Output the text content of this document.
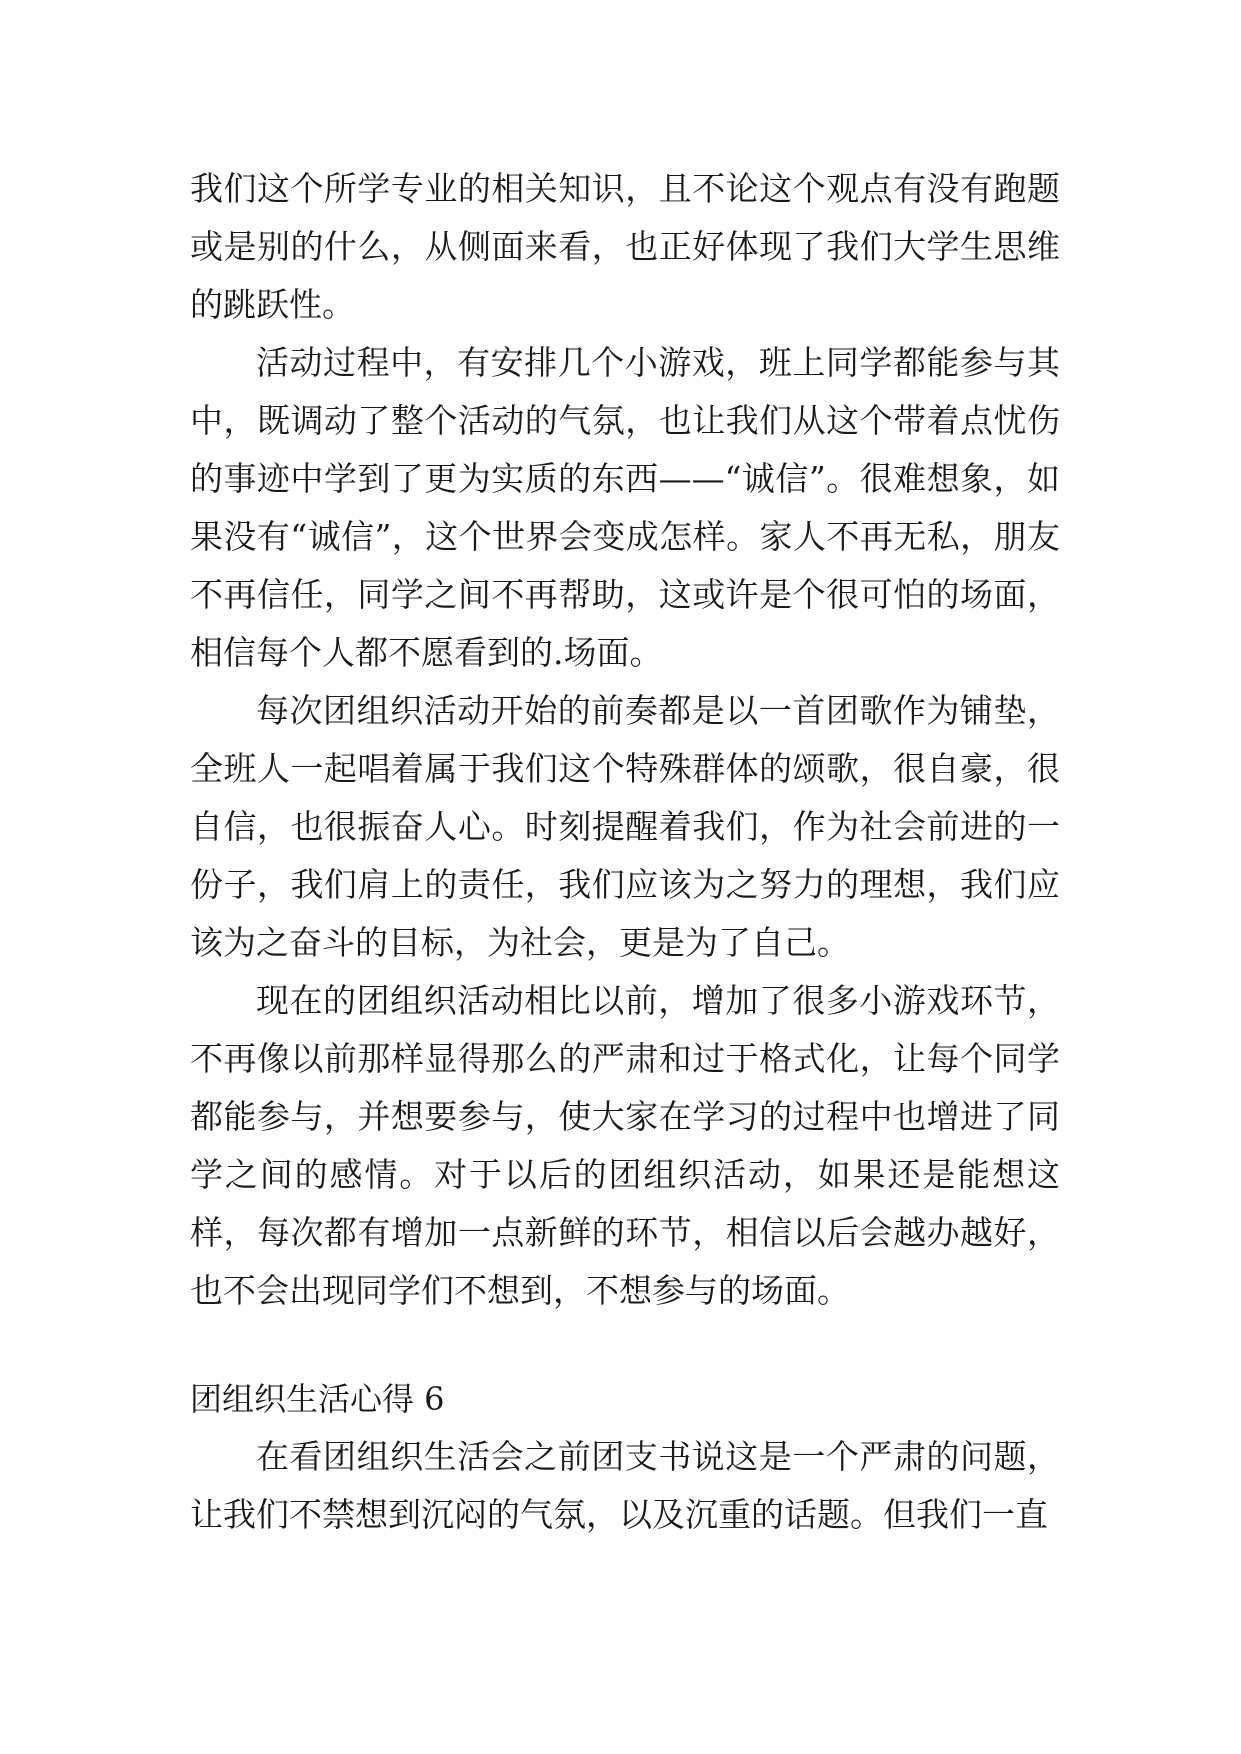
我们这个所学专业的相关知识，且不论这个观点有没有跑题或是别的什么，从侧面来看，也正好体现了我们大学生思维的跳跃性。

活动过程中，有安排几个小游戏，班上同学都能参与其中，既调动了整个活动的气氛，也让我们从这个带着点忧伤的事迹中学到了更为实质的东西——“诚信”。很难想象，如果没有“诚信”，这个世界会变成怎样。家人不再无私，朋友不再信任，同学之间不再帮助，这或许是个很可怕的场面，相信每个人都不愿看到的.场面。

每次团组织活动开始的前奏都是以一首团歌作为铺垫，全班人一起唱着属于我们这个特殊群体的颂歌，很自豪，很自信，也很振奋人心。时刻提醒着我们，作为社会前进的一份子，我们肩上的责任，我们应该为之努力的理想，我们应该为之奋斗的目标，为社会，更是为了自己。

现在的团组织活动相比以前，增加了很多小游戏环节，不再像以前那样显得那么的严肃和过于格式化，让每个同学都能参与，并想要参与，使大家在学习的过程中也增进了同学之间的感情。对于以后的团组织活动，如果还是能想这样，每次都有增加一点新鲜的环节，相信以后会越办越好，也不会出现同学们不想到，不想参与的场面。

团组织生活心得 6

在看团组织生活会之前团支书说这是一个严肃的问题，让我们不禁想到沉闷的气氛，以及沉重的话题。但我们一直
